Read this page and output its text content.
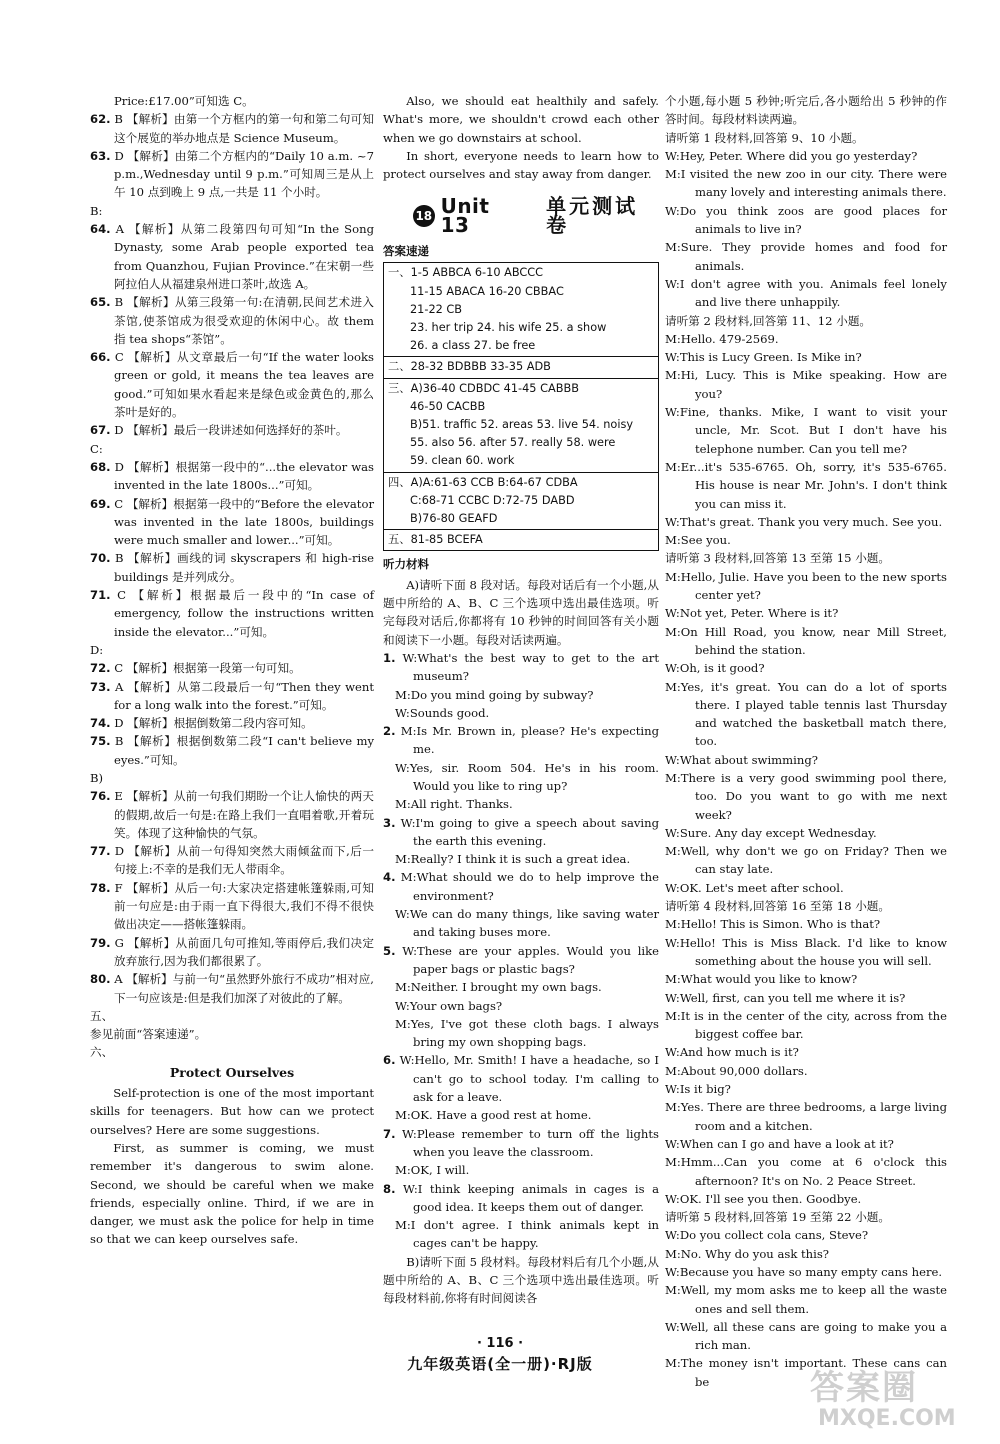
Price:£17.00”可知选 C。

62. B 【解析】由第一个方框内的第一句和第二句可知这个展览的举办地点是 Science Museum。

63. D 【解析】由第二个方框内的“Daily 10 a.m. ~7 p.m.,Wednesday until 9 p.m.”可知周三是从上午 10 点到晚上 9 点,一共是 11 个小时。

B:

64. A 【解析】从第二段第四句可知“In the Song Dynasty, some Arab people exported tea from Quanzhou, Fujian Province.”在宋朝一些阿拉伯人从福建泉州进口茶叶,故选 A。

65. B 【解析】从第三段第一句:在清朝,民间艺术进入茶馆,使茶馆成为很受欢迎的休闲中心。故 them 指 tea shops“茶馆”。

66. C 【解析】从文章最后一句“If the water looks green or gold, it means the tea leaves are good.”可知如果水看起来是绿色或金黄色的,那么茶叶是好的。

67. D 【解析】最后一段讲述如何选择好的茶叶。

C:

68. D 【解析】根据第一段中的“...the elevator was invented in the late 1800s...”可知。

69. C 【解析】根据第一段中的“Before the elevator was invented in the late 1800s, buildings were much smaller and lower...”可知。

70. B 【解析】画线的词 skyscrapers 和 high-rise buildings 是并列成分。

71. C 【解析】根据最后一段中的“In case of emergency, follow the instructions written inside the elevator...”可知。

D:

72. C 【解析】根据第一段第一句可知。

73. A 【解析】从第二段最后一句“Then they went for a long walk into the forest.”可知。

74. D 【解析】根据倒数第二段内容可知。

75. B 【解析】根据倒数第二段“I can't believe my eyes.”可知。

B)

76. E 【解析】从前一句我们期盼一个让人愉快的两天的假期,故后一句是:在路上我们一直唱着歌,开着玩笑。体现了这种愉快的气氛。

77. D 【解析】从前一句得知突然大雨倾盆而下,后一句接上:不幸的是我们无人带雨伞。

78. F 【解析】从后一句:大家决定搭建帐篷躲雨,可知前一句应是:由于雨一直下得很大,我们不得不很快做出决定——搭帐篷躲雨。

79. G 【解析】从前面几句可推知,等雨停后,我们决定放弃旅行,因为我们都很累了。

80. A 【解析】与前一句“虽然野外旅行不成功”相对应,下一句应该是:但是我们加深了对彼此的了解。

五、

参见前面“答案速递”。

六、

Protect Ourselves

Self-protection is one of the most important skills for teenagers. But how can we protect ourselves? Here are some suggestions.

First, as summer is coming, we must remember it's dangerous to swim alone. Second, we should be careful when we make friends, especially online. Third, if we are in danger, we must ask the police for help in time so that we can keep ourselves safe.

Also, we should eat healthily and safely. What's more, we shouldn't crowd each other when we go downstairs at school.

In short, everyone needs to learn how to protect ourselves and stay away from danger.

18 Unit 13
单元测试卷

答案速递

一、1-5 ABBCA 6-10 ABCCC
11-15 ABACA 16-20 CBBAC
21-22 CB
23. her trip 24. his wife 25. a show
26. a class 27. be free
二、28-32 BDBBB 33-35 ADB
三、A)36-40 CDBDC 41-45 CABBB
46-50 CACBB
B)51. traffic 52. areas 53. live 54. noisy
55. also 56. after 57. really 58. were
59. clean 60. work
四、A)A:61-63 CCB B:64-67 CDBA
C:68-71 CCBC D:72-75 DABD
B)76-80 GEAFD
五、81-85 BCEFA

听力材料

A)请听下面 8 段对话。每段对话后有一个小题,从题中所给的 A、B、C 三个选项中选出最佳选项。听完每段对话后,你都将有 10 秒钟的时间回答有关小题和阅读下一小题。每段对话读两遍。

1. W:What's the best way to get to the art museum?

M:Do you mind going by subway?

W:Sounds good.

2. M:Is Mr. Brown in, please? He's expecting me.

W:Yes, sir. Room 504. He's in his room. Would you like to ring up?

M:All right. Thanks.

3. W:I'm going to give a speech about saving the earth this evening.

M:Really? I think it is such a great idea.

4. M:What should we do to help improve the environment?

W:We can do many things, like saving water and taking buses more.

5. W:These are your apples. Would you like paper bags or plastic bags?

M:Neither. I brought my own bags.

W:Your own bags?

M:Yes, I've got these cloth bags. I always bring my own shopping bags.

6. W:Hello, Mr. Smith! I have a headache, so I can't go to school today. I'm calling to ask for a leave.

M:OK. Have a good rest at home.

7. W:Please remember to turn off the lights when you leave the classroom.

M:OK, I will.

8. W:I think keeping animals in cages is a good idea. It keeps them out of danger.

M:I don't agree. I think animals kept in cages can't be happy.

B)请听下面 5 段材料。每段材料后有几个小题,从题中所给的 A、B、C 三个选项中选出最佳选项。听每段材料前,你将有时间阅读各

个小题,每小题 5 秒钟;听完后,各小题给出 5 秒钟的作答时间。每段材料读两遍。

请听第 1 段材料,回答第 9、10 小题。

W:Hey, Peter. Where did you go yesterday?

M:I visited the new zoo in our city. There were many lovely and interesting animals there.

W:Do you think zoos are good places for animals to live in?

M:Sure. They provide homes and food for animals.

W:I don't agree with you. Animals feel lonely and live there unhappily.

请听第 2 段材料,回答第 11、12 小题。

M:Hello. 479-2569.

W:This is Lucy Green. Is Mike in?

M:Hi, Lucy. This is Mike speaking. How are you?

W:Fine, thanks. Mike, I want to visit your uncle, Mr. Scot. But I don't have his telephone number. Can you tell me?

M:Er...it's 535-6765. Oh, sorry, it's 535-6765. His house is near Mr. John's. I don't think you can miss it.

W:That's great. Thank you very much. See you.

M:See you.

请听第 3 段材料,回答第 13 至第 15 小题。

M:Hello, Julie. Have you been to the new sports center yet?

W:Not yet, Peter. Where is it?

M:On Hill Road, you know, near Mill Street, behind the station.

W:Oh, is it good?

M:Yes, it's great. You can do a lot of sports there. I played table tennis last Thursday and watched the basketball match there, too.

W:What about swimming?

M:There is a very good swimming pool there, too. Do you want to go with me next week?

W:Sure. Any day except Wednesday.

M:Well, why don't we go on Friday? Then we can stay late.

W:OK. Let's meet after school.

请听第 4 段材料,回答第 16 至第 18 小题。

M:Hello! This is Simon. Who is that?

W:Hello! This is Miss Black. I'd like to know something about the house you will sell.

M:What would you like to know?

W:Well, first, can you tell me where it is?

M:It is in the center of the city, across from the biggest coffee bar.

W:And how much is it?

M:About 90,000 dollars.

W:Is it big?

M:Yes. There are three bedrooms, a large living room and a kitchen.

W:When can I go and have a look at it?

M:Hmm...Can you come at 6 o'clock this afternoon? It's on No. 2 Peace Street.

W:OK. I'll see you then. Goodbye.

请听第 5 段材料,回答第 19 至第 22 小题。

W:Do you collect cola cans, Steve?

M:No. Why do you ask this?

W:Because you have so many empty cans here.

M:Well, my mom asks me to keep all the waste ones and sell them.

W:Well, all these cans are going to make you a rich man.

M:The money isn't important. These cans can be

· 116 ·
九年级英语(全一册)·RJ版
答案圈
MXQE.COM
